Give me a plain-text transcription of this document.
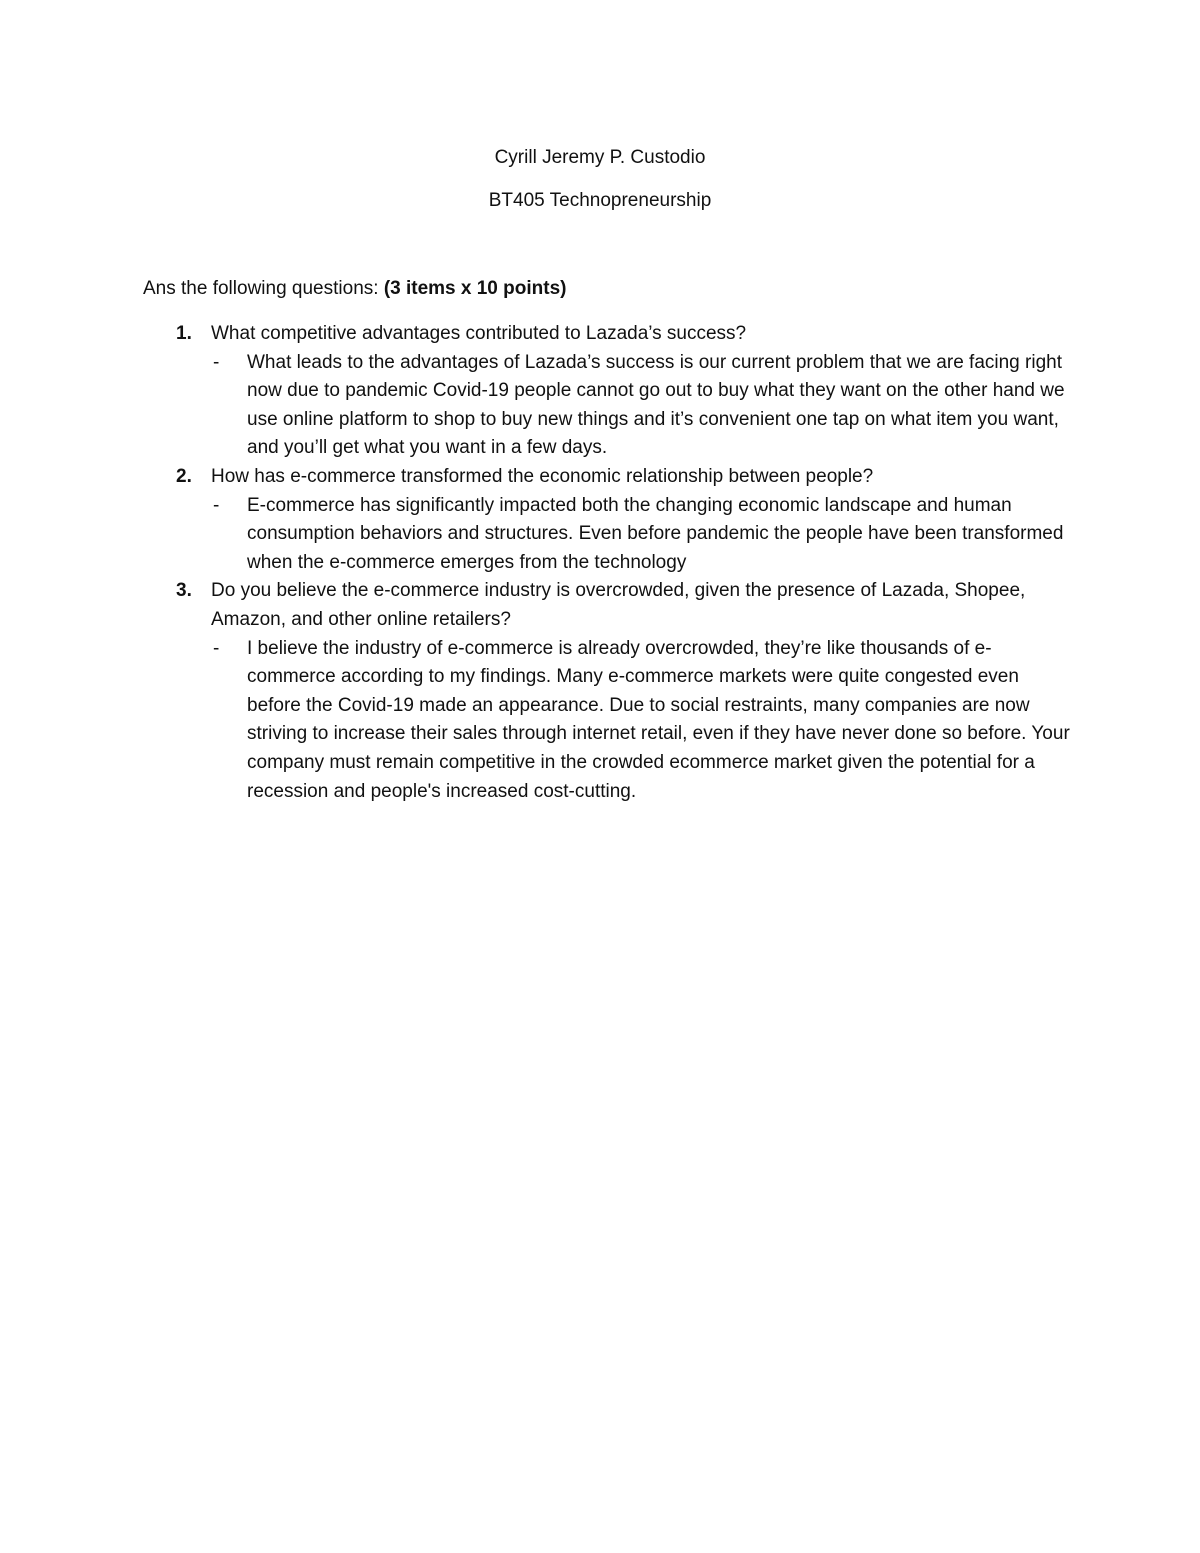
Cyrill Jeremy P. Custodio
BT405 Technopreneurship
Ans the following questions: (3 items x 10 points)
1. What competitive advantages contributed to Lazada’s success?
- What leads to the advantages of Lazada’s success is our current problem that we are facing right now due to pandemic Covid-19 people cannot go out to buy what they want on the other hand we use online platform to shop to buy new things and it’s convenient one tap on what item you want, and you’ll get what you want in a few days.
2. How has e-commerce transformed the economic relationship between people?
- E-commerce has significantly impacted both the changing economic landscape and human consumption behaviors and structures. Even before pandemic the people have been transformed when the e-commerce emerges from the technology
3. Do you believe the e-commerce industry is overcrowded, given the presence of Lazada, Shopee, Amazon, and other online retailers?
- I believe the industry of e-commerce is already overcrowded, they’re like thousands of e-commerce according to my findings. Many e-commerce markets were quite congested even before the Covid-19 made an appearance. Due to social restraints, many companies are now striving to increase their sales through internet retail, even if they have never done so before. Your company must remain competitive in the crowded ecommerce market given the potential for a recession and people's increased cost-cutting.
